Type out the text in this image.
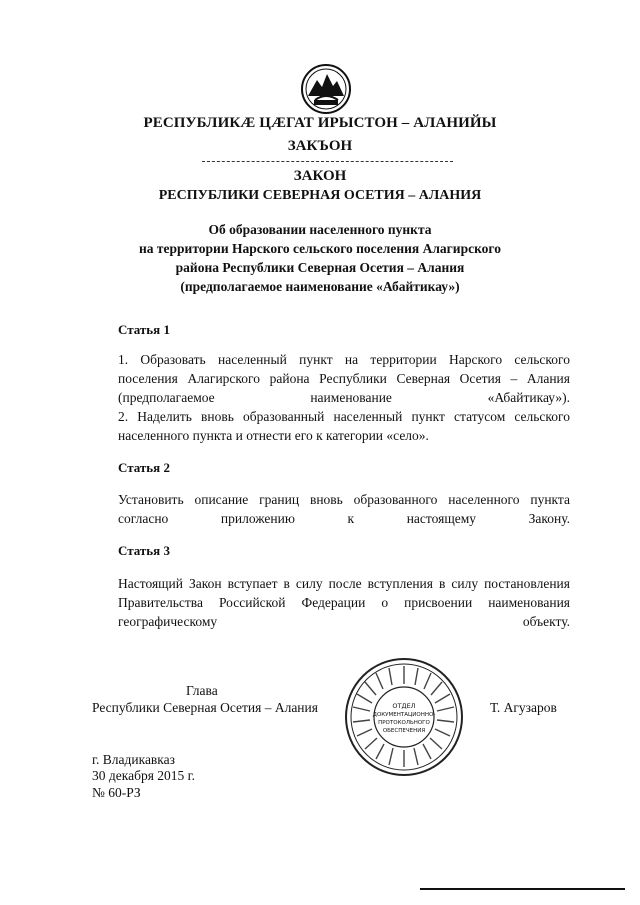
РЕСПУБЛИКӔ ЦӔГАТ ИРЫСТОН – АЛАНИЙЫ
ЗАКЪОН
ЗАКОН
РЕСПУБЛИКИ СЕВЕРНАЯ ОСЕТИЯ – АЛАНИЯ
Об образовании населенного пункта
на территории Нарского сельского поселения Алагирского
района Республики Северная Осетия – Алания
(предполагаемое наименование «Абайтикау»)
Статья 1
1. Образовать населенный пункт на территории Нарского сельского поселения Алагирского района Республики Северная Осетия – Алания (предполагаемое наименование «Абайтикау»).
2. Наделить вновь образованный населенный пункт статусом сельского населенного пункта и отнести его к категории «село».
Статья 2
Установить описание границ вновь образованного населенного пункта согласно приложению к настоящему Закону.
Статья 3
Настоящий Закон вступает в силу после вступления в силу постановления Правительства Российской Федерации о присвоении наименования географическому объекту.
Глава
Республики Северная Осетия – Алания	Т. Агузаров
ОТДЕЛ
ДОКУМЕНТАЦИОННО-
ПРОТОКОЛЬНОГО
ОБЕСПЕЧЕНИЯ
г. Владикавказ
30 декабря 2015 г.
№ 60-РЗ
